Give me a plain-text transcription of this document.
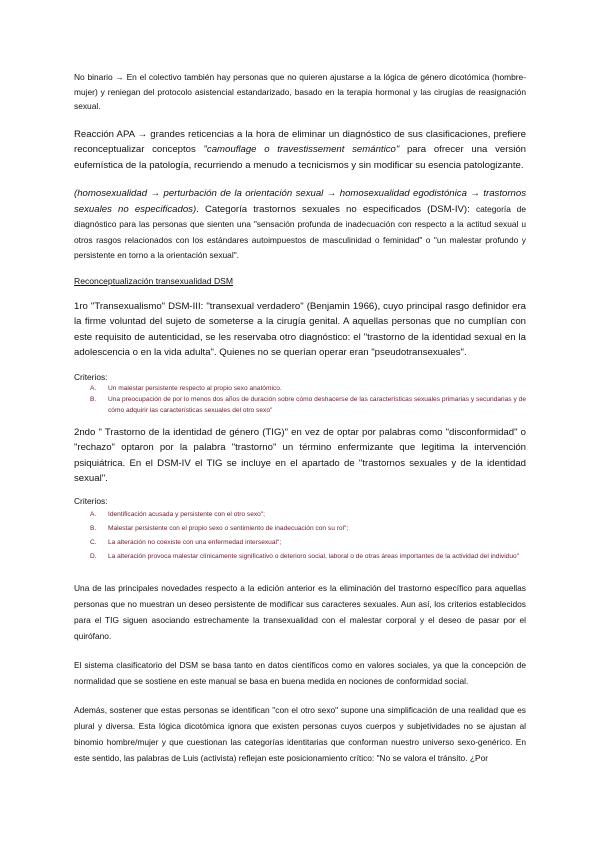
No binario → En el colectivo también hay personas que no quieren ajustarse a la lógica de género dicotómica (hombre-mujer) y reniegan del protocolo asistencial estandarizado, basado en la terapia hormonal y las cirugías de reasignación sexual.

Reacción APA → grandes reticencias a la hora de eliminar un diagnóstico de sus clasificaciones, prefiere reconceptualizar conceptos "camouflage o travestissement semántico" para ofrecer una versión eufemística de la patología, recurriendo a menudo a tecnicismos y sin modificar su esencia patologizante.

(homosexualidad → perturbación de la orientación sexual → homosexualidad egodistónica → trastornos sexuales no especificados). Categoría trastornos sexuales no especificados (DSM-IV): categoría de diagnóstico para las personas que sienten una "sensación profunda de inadecuación con respecto a la actitud sexual u otros rasgos relacionados con los estándares autoimpuestos de masculinidad o feminidad" o "un malestar profundo y persistente en torno a la orientación sexual".

Reconceptualización transexualidad DSM

1ro "Transexualismo" DSM-III: "transexual verdadero" (Benjamin 1966), cuyo principal rasgo definidor era la firme voluntad del sujeto de someterse a la cirugía genital. A aquellas personas que no cumplían con este requisito de autenticidad, se les reservaba otro diagnóstico: el "trastorno de la identidad sexual en la adolescencia o en la vida adulta". Quienes no se querían operar eran "pseudotransexuales".

Criterios:

A.	Un malestar persistente respecto al propio sexo anatómico.
B.	Una preocupación de por lo menos dos años de duración sobre cómo deshacerse de las características sexuales primarias y secundarias y de cómo adquirir las características sexuales del otro sexo"

2ndo " Trastorno de la identidad de género (TIG)" en vez de optar por palabras como "disconformidad" o "rechazo" optaron por la palabra "trastorno" un término enfermizante que legitima la intervención psiquiátrica. En el DSM-IV el TIG se incluye en el apartado de "trastornos sexuales y de la identidad sexual".

Criterios:

A.	Identificación acusada y persistente con el otro sexo";
B.	Malestar persistente con el propio sexo o sentimiento de inadecuación con su rol";
C.	La alteración no coexiste con una enfermedad intersexual";
D.	La alteración provoca malestar clínicamente significativo o deterioro social, laboral o de otras áreas importantes de la actividad del individuo"

Una de las principales novedades respecto a la edición anterior es la eliminación del trastorno específico para aquellas personas que no muestran un deseo persistente de modificar sus caracteres sexuales. Aun así, los criterios establecidos para el TIG siguen asociando estrechamente la transexualidad con el malestar corporal y el deseo de pasar por el quirófano.

El sistema clasificatorio del DSM se basa tanto en datos científicos como en valores sociales, ya que la concepción de normalidad que se sostiene en este manual se basa en buena medida en nociones de conformidad social.

Además, sostener que estas personas se identifican "con el otro sexo" supone una simplificación de una realidad que es plural y diversa. Esta lógica dicotómica ignora que existen personas cuyos cuerpos y subjetividades no se ajustan al binomio hombre/mujer y que cuestionan las categorías identitarias que conforman nuestro universo sexo-genérico. En este sentido, las palabras de Luis (activista) reflejan este posicionamiento crítico: "No se valora el tránsito. ¿Por
